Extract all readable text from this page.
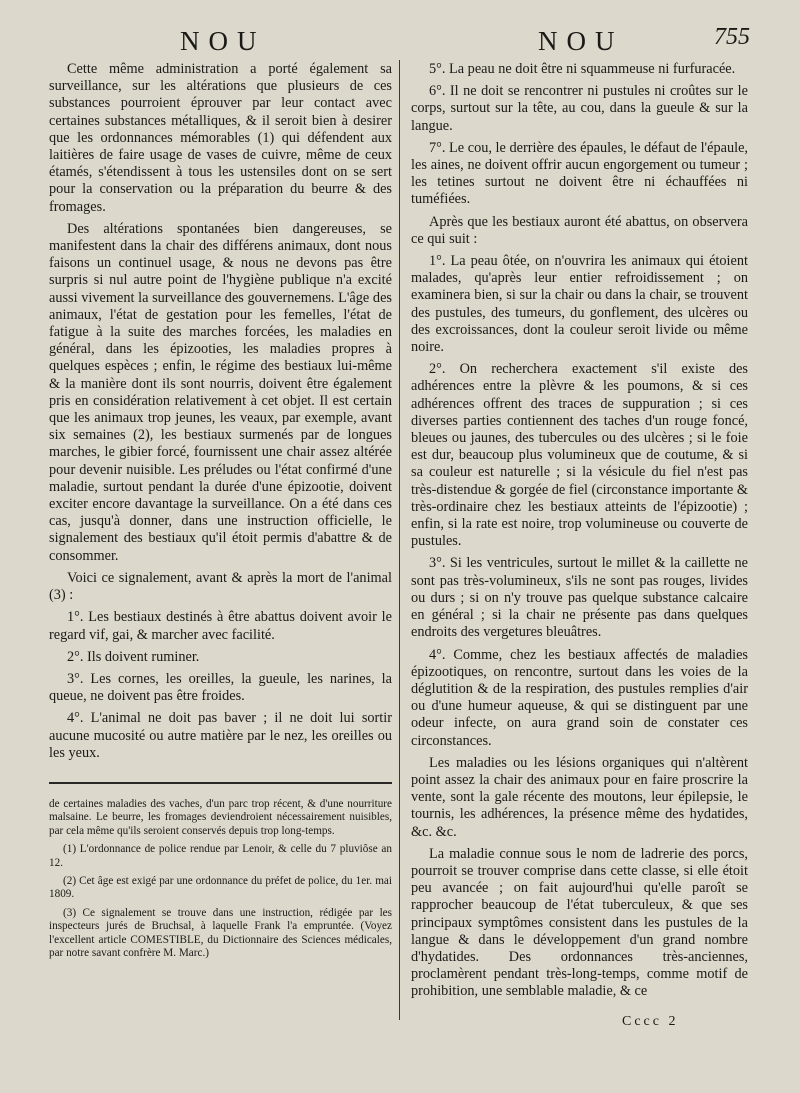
NOU	NOU	755

Cette même administration a porté également sa surveillance, sur les altérations que plusieurs de ces substances pourroient éprouver par leur contact avec certaines substances métalliques, & il seroit bien à desirer que les ordonnances mémorables (1) qui défendent aux laitières de faire usage de vases de cuivre, même de ceux étamés, s'étendissent à tous les ustensiles dont on se sert pour la conservation ou la préparation du beurre & des fromages.

Des altérations spontanées bien dangereuses, se manifestent dans la chair des différens animaux, dont nous faisons un continuel usage, & nous ne devons pas être surpris si nul autre point de l'hygiène publique n'a excité aussi vivement la surveillance des gouvernemens. L'âge des animaux, l'état de gestation pour les femelles, l'état de fatigue à la suite des marches forcées, les maladies en général, dans les épizooties, les maladies propres à quelques espèces ; enfin, le régime des bestiaux lui-même & la manière dont ils sont nourris, doivent être également pris en considération relativement à cet objet. Il est certain que les animaux trop jeunes, les veaux, par exemple, avant six semaines (2), les bestiaux surmenés par de longues marches, le gibier forcé, fournissent une chair assez altérée pour devenir nuisible. Les préludes ou l'état confirmé d'une maladie, surtout pendant la durée d'une épizootie, doivent exciter encore davantage la surveillance. On a été dans ces cas, jusqu'à donner, dans une instruction officielle, le signalement des bestiaux qu'il étoit permis d'abattre & de consommer.

Voici ce signalement, avant & après la mort de l'animal (3) :

1°. Les bestiaux destinés à être abattus doivent avoir le regard vif, gai, & marcher avec facilité.

2°. Ils doivent ruminer.

3°. Les cornes, les oreilles, la gueule, les narines, la queue, ne doivent pas être froides.

4°. L'animal ne doit pas baver ; il ne doit lui sortir aucune mucosité ou autre matière par le nez, les oreilles ou les yeux.

de certaines maladies des vaches, d'un parc trop récent, & d'une nourriture malsaine. Le beurre, les fromages deviendroient nécessairement nuisibles, par cela même qu'ils seroient conservés depuis trop long-temps.

(1) L'ordonnance de police rendue par Lenoir, & celle du 7 pluviôse an 12.

(2) Cet âge est exigé par une ordonnance du préfet de police, du 1er. mai 1809.

(3) Ce signalement se trouve dans une instruction, rédigée par les inspecteurs jurés de Bruchsal, à laquelle Frank l'a empruntée. (Voyez l'excellent article COMESTIBLE, du Dictionnaire des Sciences médicales, par notre savant confrère M. Marc.)

5°. La peau ne doit être ni squammeuse ni furfuracée.

6°. Il ne doit se rencontrer ni pustules ni croûtes sur le corps, surtout sur la tête, au cou, dans la gueule & sur la langue.

7°. Le cou, le derrière des épaules, le défaut de l'épaule, les aines, ne doivent offrir aucun engorgement ou tumeur ; les tetines surtout ne doivent être ni échauffées ni tuméfiées.

Après que les bestiaux auront été abattus, on observera ce qui suit :

1°. La peau ôtée, on n'ouvrira les animaux qui étoient malades, qu'après leur entier refroidissement ; on examinera bien, si sur la chair ou dans la chair, se trouvent des pustules, des tumeurs, du gonflement, des ulcères ou des excroissances, dont la couleur seroit livide ou même noire.

2°. On recherchera exactement s'il existe des adhérences entre la plèvre & les poumons, & si ces adhérences offrent des traces de suppuration ; si ces diverses parties contiennent des taches d'un rouge foncé, bleues ou jaunes, des tubercules ou des ulcères ; si le foie est dur, beaucoup plus volumineux que de coutume, & si sa couleur est naturelle ; si la vésicule du fiel n'est pas très-distendue & gorgée de fiel (circonstance importante & très-ordinaire chez les bestiaux atteints de l'épizootie) ; enfin, si la rate est noire, trop volumineuse ou couverte de pustules.

3°. Si les ventricules, surtout le millet & la caillette ne sont pas très-volumineux, s'ils ne sont pas rouges, livides ou durs ; si on n'y trouve pas quelque substance calcaire en général ; si la chair ne présente pas dans quelques endroits des vergetures bleuâtres.

4°. Comme, chez les bestiaux affectés de maladies épizootiques, on rencontre, surtout dans les voies de la déglutition & de la respiration, des pustules remplies d'air ou d'une humeur aqueuse, & qui se distinguent par une odeur infecte, on aura grand soin de constater ces circonstances.

Les maladies ou les lésions organiques qui n'altèrent point assez la chair des animaux pour en faire proscrire la vente, sont la gale récente des moutons, leur épilepsie, le tournis, les adhérences, la présence même des hydatides, &c. &c.

La maladie connue sous le nom de ladrerie des porcs, pourroit se trouver comprise dans cette classe, si elle étoit peu avancée ; on fait aujourd'hui qu'elle paroît se rapprocher beaucoup de l'état tuberculeux, & que ses principaux symptômes consistent dans les pustules de la langue & dans le développement d'un grand nombre d'hydatides. Des ordonnances très-anciennes, proclamèrent pendant très-long-temps, comme motif de prohibition, une semblable maladie, & ce

Cccc 2
